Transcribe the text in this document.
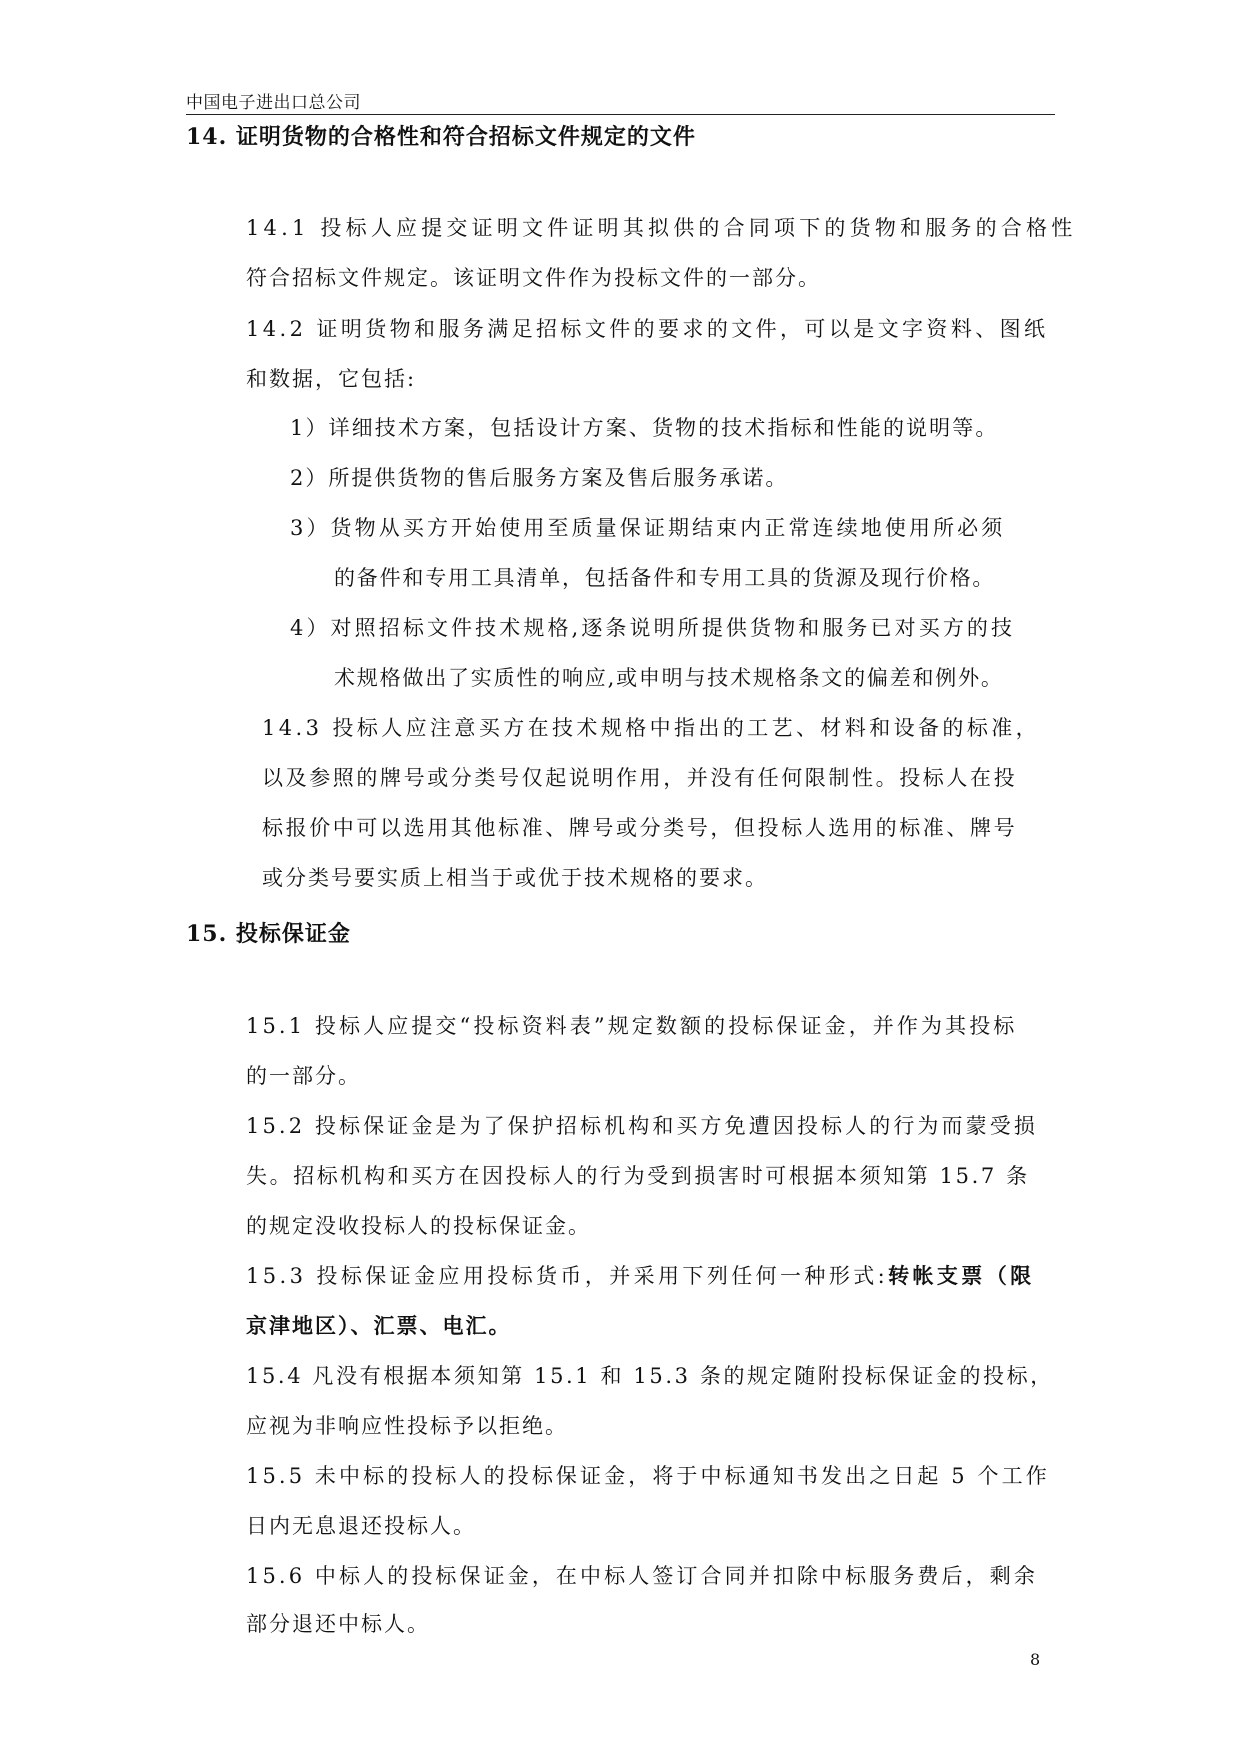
中国电子进出口总公司
14. 证明货物的合格性和符合招标文件规定的文件
14.1 投标人应提交证明文件证明其拟供的合同项下的货物和服务的合格性
符合招标文件规定。该证明文件作为投标文件的一部分。
14.2 证明货物和服务满足招标文件的要求的文件，可以是文字资料、图纸
和数据，它包括:
1）详细技术方案，包括设计方案、货物的技术指标和性能的说明等。
2）所提供货物的售后服务方案及售后服务承诺。
3）货物从买方开始使用至质量保证期结束内正常连续地使用所必须
的备件和专用工具清单，包括备件和专用工具的货源及现行价格。
4）对照招标文件技术规格,逐条说明所提供货物和服务已对买方的技
术规格做出了实质性的响应,或申明与技术规格条文的偏差和例外。
14.3 投标人应注意买方在技术规格中指出的工艺、材料和设备的标准，
以及参照的牌号或分类号仅起说明作用，并没有任何限制性。投标人在投
标报价中可以选用其他标准、牌号或分类号，但投标人选用的标准、牌号
或分类号要实质上相当于或优于技术规格的要求。
15. 投标保证金
15.1 投标人应提交“投标资料表”规定数额的投标保证金，并作为其投标
的一部分。
15.2 投标保证金是为了保护招标机构和买方免遭因投标人的行为而蒙受损
失。招标机构和买方在因投标人的行为受到损害时可根据本须知第 15.7 条
的规定没收投标人的投标保证金。
15.3 投标保证金应用投标货币，并采用下列任何一种形式:转帐支票（限
京津地区）、汇票、电汇。
15.4 凡没有根据本须知第 15.1 和 15.3 条的规定随附投标保证金的投标，
应视为非响应性投标予以拒绝。
15.5 未中标的投标人的投标保证金，将于中标通知书发出之日起 5 个工作
日内无息退还投标人。
15.6 中标人的投标保证金，在中标人签订合同并扣除中标服务费后，剩余
部分退还中标人。
8
